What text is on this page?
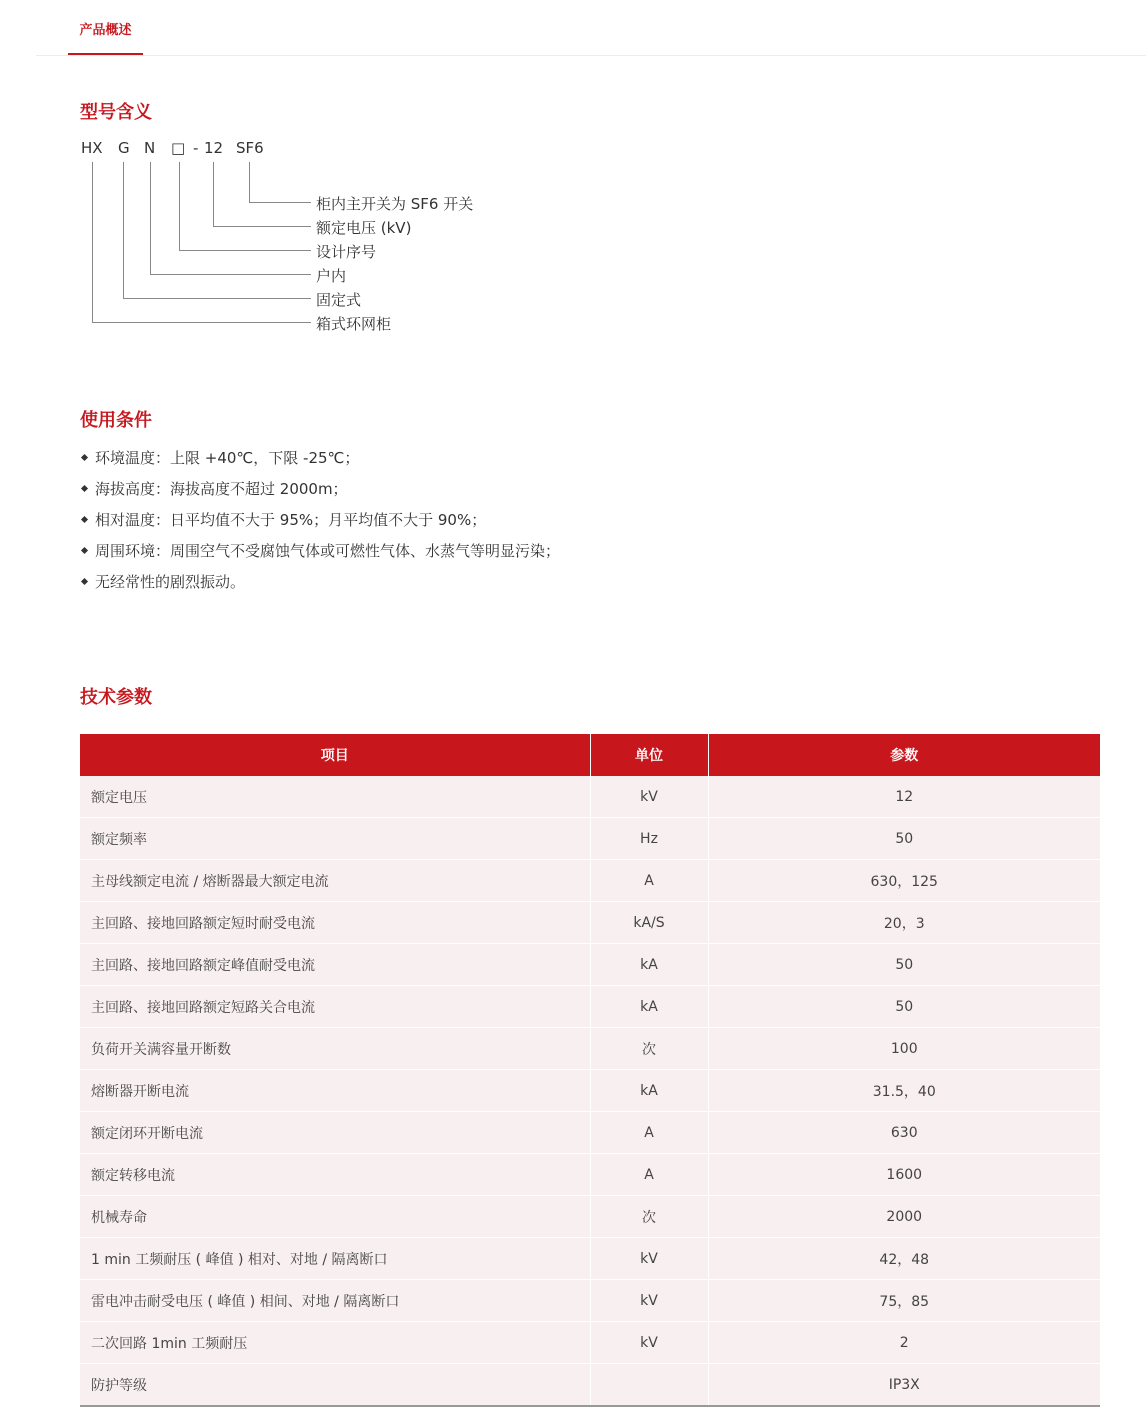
产品概述
型号含义
HX G N □ - 12 SF6
柜内主开关为 SF6 开关
额定电压 (kV)
设计序号
户内
固定式
箱式环网柜
使用条件
环境温度：上限 +40℃，下限 -25℃；
海拔高度：海拔高度不超过 2000m；
相对温度：日平均值不大于 95%；月平均值不大于 90%；
周围环境：周围空气不受腐蚀气体或可燃性气体、水蒸气等明显污染；
无经常性的剧烈振动。
技术参数
项目	单位	参数
额定电压	kV	12
额定频率	Hz	50
主母线额定电流 / 熔断器最大额定电流	A	630，125
主回路、接地回路额定短时耐受电流	kA/S	20，3
主回路、接地回路额定峰值耐受电流	kA	50
主回路、接地回路额定短路关合电流	kA	50
负荷开关满容量开断数	次	100
熔断器开断电流	kA	31.5，40
额定闭环开断电流	A	630
额定转移电流	A	1600
机械寿命	次	2000
1 min 工频耐压 ( 峰值 ) 相对、对地 / 隔离断口	kV	42，48
雷电冲击耐受电压 ( 峰值 ) 相间、对地 / 隔离断口	kV	75，85
二次回路 1min 工频耐压	kV	2
防护等级		IP3X
